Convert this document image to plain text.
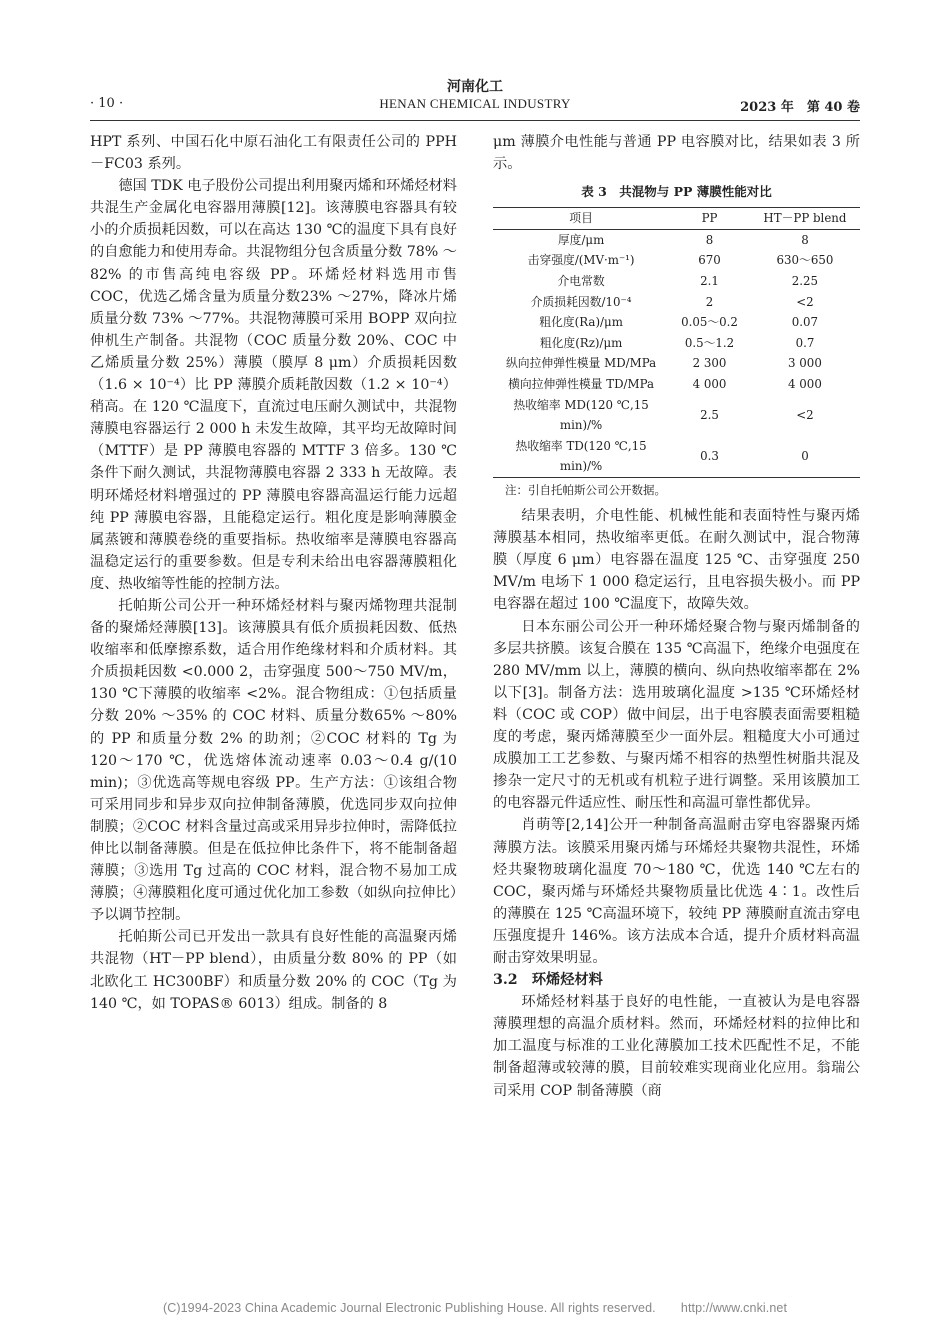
河南化工
· 10 ·	HENAN CHEMICAL INDUSTRY	2023 年　第 40 卷

HPT 系列、中国石化中原石油化工有限责任公司的 PPH－FC03 系列。

德国 TDK 电子股份公司提出利用聚丙烯和环烯烃材料共混生产金属化电容器用薄膜[12]。该薄膜电容器具有较小的介质损耗因数，可以在高达 130 ℃的温度下具有良好的自愈能力和使用寿命。共混物组分包含质量分数 78% ～82% 的市售高纯电容级 PP。环烯烃材料选用市售 COC，优选乙烯含量为质量分数23% ～27%，降冰片烯质量分数 73% ～77%。共混物薄膜可采用 BOPP 双向拉伸机生产制备。共混物（COC 质量分数 20%、COC 中乙烯质量分数 25%）薄膜（膜厚 8 μm）介质损耗因数（1.6 × 10⁻⁴）比 PP 薄膜介质耗散因数（1.2 × 10⁻⁴）稍高。在 120 ℃温度下，直流过电压耐久测试中，共混物薄膜电容器运行 2 000 h 未发生故障，其平均无故障时间（MTTF）是 PP 薄膜电容器的 MTTF 3 倍多。130 ℃条件下耐久测试，共混物薄膜电容器 2 333 h 无故障。表明环烯烃材料增强过的 PP 薄膜电容器高温运行能力远超纯 PP 薄膜电容器，且能稳定运行。粗化度是影响薄膜金属蒸镀和薄膜卷绕的重要指标。热收缩率是薄膜电容器高温稳定运行的重要参数。但是专利未给出电容器薄膜粗化度、热收缩等性能的控制方法。

托帕斯公司公开一种环烯烃材料与聚丙烯物理共混制备的聚烯烃薄膜[13]。该薄膜具有低介质损耗因数、低热收缩率和低摩擦系数，适合用作绝缘材料和介质材料。其介质损耗因数 <0.000 2，击穿强度 500～750 MV/m，130 ℃下薄膜的收缩率 <2%。混合物组成：①包括质量分数 20% ～35% 的 COC 材料、质量分数65% ～80% 的 PP 和质量分数 2% 的助剂；②COC 材料的 Tg 为 120～170 ℃，优选熔体流动速率 0.03～0.4 g/(10 min)；③优选高等规电容级 PP。生产方法：①该组合物可采用同步和异步双向拉伸制备薄膜，优选同步双向拉伸制膜；②COC 材料含量过高或采用异步拉伸时，需降低拉伸比以制备薄膜。但是在低拉伸比条件下，将不能制备超薄膜；③选用 Tg 过高的 COC 材料，混合物不易加工成薄膜；④薄膜粗化度可通过优化加工参数（如纵向拉伸比）予以调节控制。

托帕斯公司已开发出一款具有良好性能的高温聚丙烯共混物（HT－PP blend），由质量分数 80% 的 PP（如北欧化工 HC300BF）和质量分数 20% 的 COC（Tg 为 140 ℃，如 TOPAS® 6013）组成。制备的 8

μm 薄膜介电性能与普通 PP 电容膜对比，结果如表 3 所示。

表 3　共混物与 PP 薄膜性能对比
项目	PP	HT－PP blend
厚度/μm	8	8
击穿强度/(MV·m⁻¹)	670	630～650
介电常数	2.1	2.25
介质损耗因数/10⁻⁴	2	<2
粗化度(Ra)/μm	0.05～0.2	0.07
粗化度(Rz)/μm	0.5～1.2	0.7
纵向拉伸弹性模量 MD/MPa	2 300	3 000
横向拉伸弹性模量 TD/MPa	4 000	4 000
热收缩率 MD(120 ℃,15 min)/%	2.5	<2
热收缩率 TD(120 ℃,15 min)/%	0.3	0
注：引自托帕斯公司公开数据。

结果表明，介电性能、机械性能和表面特性与聚丙烯薄膜基本相同，热收缩率更低。在耐久测试中，混合物薄膜（厚度 6 μm）电容器在温度 125 ℃、击穿强度 250 MV/m 电场下 1 000 稳定运行，且电容损失极小。而 PP 电容器在超过 100 ℃温度下，故障失效。

日本东丽公司公开一种环烯烃聚合物与聚丙烯制备的多层共挤膜。该复合膜在 135 ℃高温下，绝缘介电强度在 280 MV/mm 以上，薄膜的横向、纵向热收缩率都在 2% 以下[3]。制备方法：选用玻璃化温度 >135 ℃环烯烃材料（COC 或 COP）做中间层，出于电容膜表面需要粗糙度的考虑，聚丙烯薄膜至少一面外层。粗糙度大小可通过成膜加工工艺参数、与聚丙烯不相容的热塑性树脂共混及掺杂一定尺寸的无机或有机粒子进行调整。采用该膜加工的电容器元件适应性、耐压性和高温可靠性都优异。

肖萌等[2,14]公开一种制备高温耐击穿电容器聚丙烯薄膜方法。该膜采用聚丙烯与环烯烃共聚物共混性，环烯烃共聚物玻璃化温度 70～180 ℃，优选 140 ℃左右的 COC，聚丙烯与环烯烃共聚物质量比优选 4∶1。改性后的薄膜在 125 ℃高温环境下，较纯 PP 薄膜耐直流击穿电压强度提升 146%。该方法成本合适，提升介质材料高温耐击穿效果明显。

3.2　环烯烃材料

环烯烃材料基于良好的电性能，一直被认为是电容器薄膜理想的高温介质材料。然而，环烯烃材料的拉伸比和加工温度与标准的工业化薄膜加工技术匹配性不足，不能制备超薄或较薄的膜，目前较难实现商业化应用。翁瑞公司采用 COP 制备薄膜（商

(C)1994-2023 China Academic Journal Electronic Publishing House. All rights reserved.　　http://www.cnki.net
